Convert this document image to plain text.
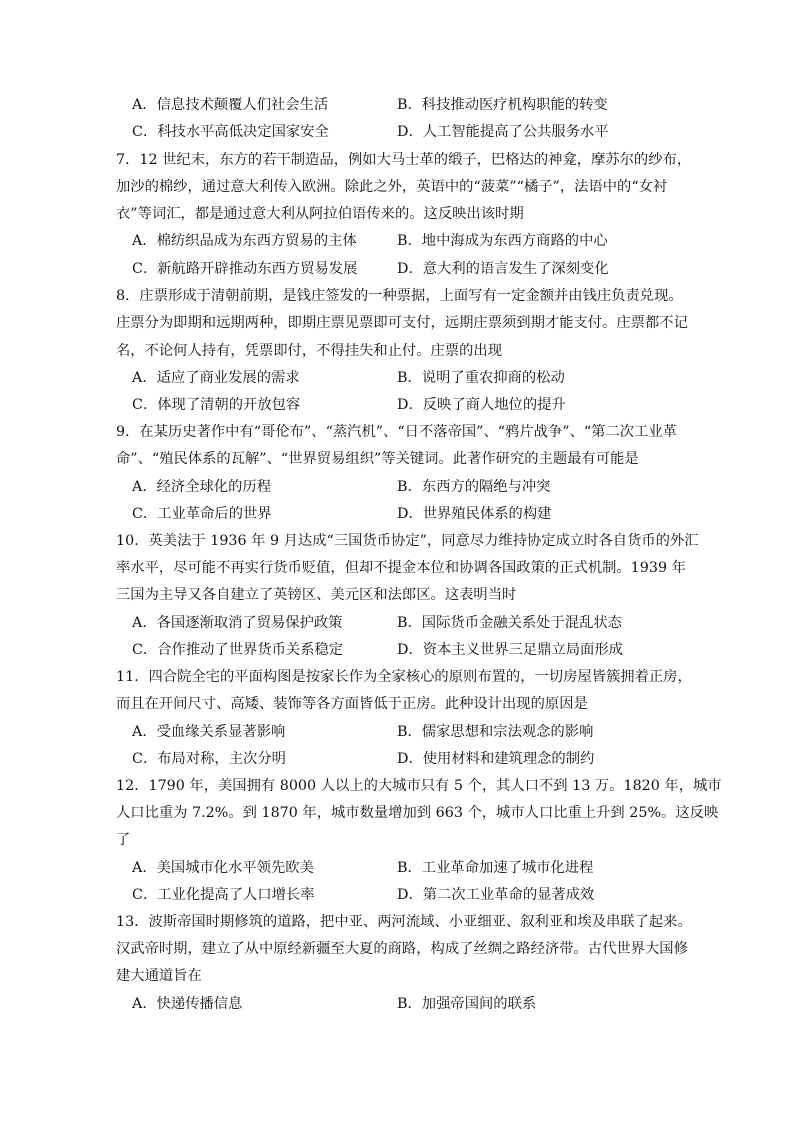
A．信息技术颠覆人们社会生活	B．科技推动医疗机构职能的转变
C．科技水平高低决定国家安全	D．人工智能提高了公共服务水平
7．12 世纪末，东方的若干制造品，例如大马士革的缎子，巴格达的神龛，摩苏尔的纱布，
加沙的棉纱，通过意大利传入欧洲。除此之外，英语中的“菠菜”“橘子”，法语中的“女衬
衣”等词汇，都是通过意大利从阿拉伯语传来的。这反映出该时期
A．棉纺织品成为东西方贸易的主体	B．地中海成为东西方商路的中心
C．新航路开辟推动东西方贸易发展	D．意大利的语言发生了深刻变化
8．庄票形成于清朝前期，是钱庄签发的一种票据，上面写有一定金额并由钱庄负责兑现。
庄票分为即期和远期两种，即期庄票见票即可支付，远期庄票须到期才能支付。庄票都不记
名，不论何人持有，凭票即付，不得挂失和止付。庄票的出现
A．适应了商业发展的需求	B．说明了重农抑商的松动
C．体现了清朝的开放包容	D．反映了商人地位的提升
9．在某历史著作中有“哥伦布”、“蒸汽机”、“日不落帝国”、“鸦片战争”、“第二次工业革
命”、“殖民体系的瓦解”、“世界贸易组织”等关键词。此著作研究的主题最有可能是
A．经济全球化的历程	B．东西方的隔绝与冲突
C．工业革命后的世界	D．世界殖民体系的构建
10．英美法于 1936 年 9 月达成“三国货币协定”，同意尽力维持协定成立时各自货币的外汇
率水平，尽可能不再实行货币贬值，但却不提金本位和协调各国政策的正式机制。1939 年
三国为主导又各自建立了英镑区、美元区和法郎区。这表明当时
A．各国逐渐取消了贸易保护政策	B．国际货币金融关系处于混乱状态
C．合作推动了世界货币关系稳定	D．资本主义世界三足鼎立局面形成
11．四合院全宅的平面构图是按家长作为全家核心的原则布置的，一切房屋皆簇拥着正房，
而且在开间尺寸、高矮、装饰等各方面皆低于正房。此种设计出现的原因是
A．受血缘关系显著影响	B．儒家思想和宗法观念的影响
C．布局对称，主次分明	D．使用材料和建筑理念的制约
12．1790 年，美国拥有 8000 人以上的大城市只有 5 个，其人口不到 13 万。1820 年，城市
人口比重为 7.2%。到 1870 年，城市数量增加到 663 个，城市人口比重上升到 25%。这反映
了
A．美国城市化水平领先欧美	B．工业革命加速了城市化进程
C．工业化提高了人口增长率	D．第二次工业革命的显著成效
13．波斯帝国时期修筑的道路，把中亚、两河流域、小亚细亚、叙利亚和埃及串联了起来。
汉武帝时期，建立了从中原经新疆至大夏的商路，构成了丝绸之路经济带。古代世界大国修
建大通道旨在
A．快递传播信息	B．加强帝国间的联系
